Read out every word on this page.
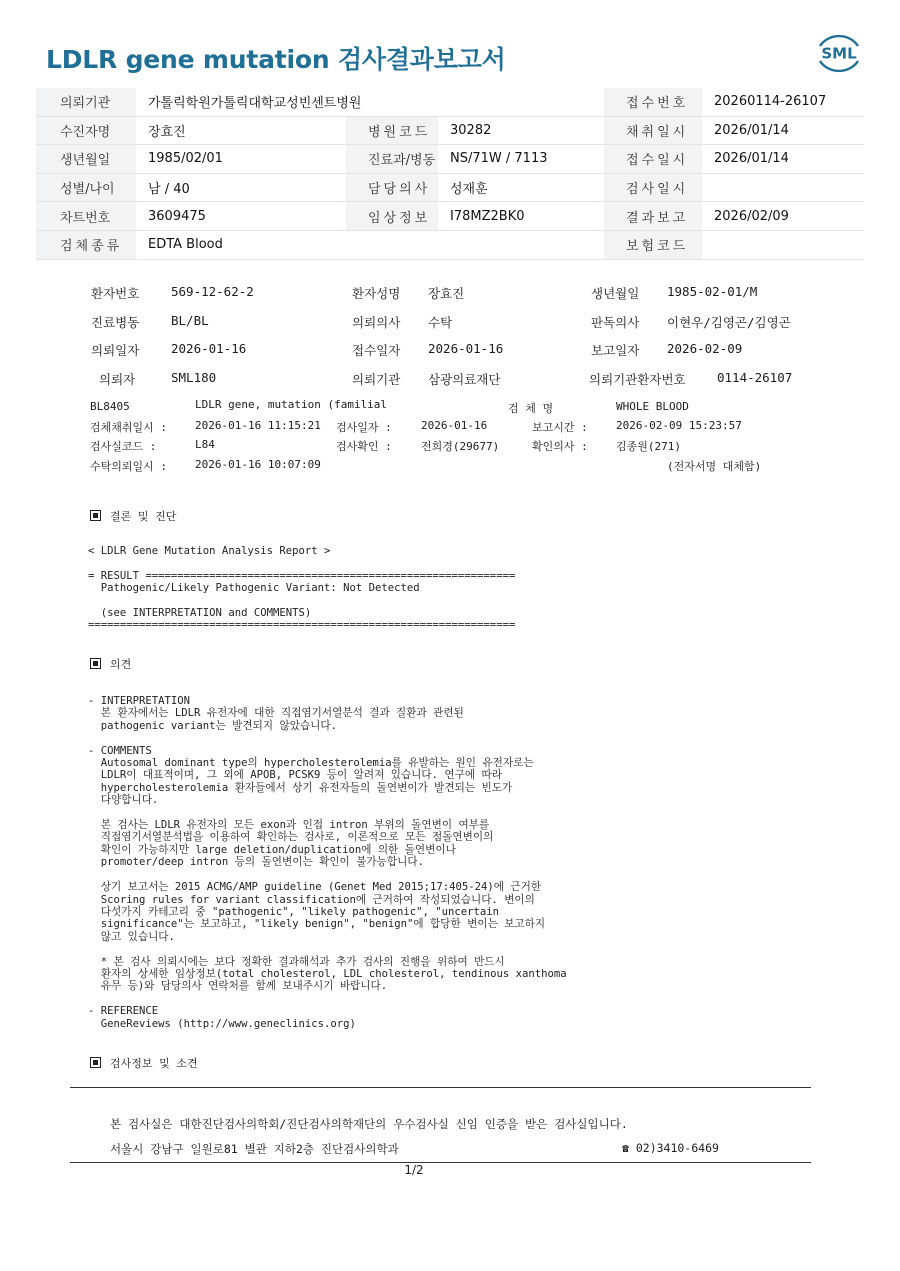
LDLR gene mutation 검사결과보고서	SML
의뢰기관	가톨릭학원가톨릭대학교성빈센트병원			접수번호	20260114-26107
수진자명	장효진	병원코드	30282	채취일시	2026/01/14
생년월일	1985/02/01	진료과/병동	NS/71W / 7113	접수일시	2026/01/14
성별/나이	남 / 40	담당의사	성재훈	검사일시	
차트번호	3609475	임상정보	I78MZ2BK0	결과보고	2026/02/09
검체종류	EDTA Blood			보험코드	
환자번호	569-12-62-2	환자성명 장효진	생년월일 1985-02-01/M
진료병동	BL/BL	의뢰의사 수탁	판독의사 이현우/김영곤/김영곤
의뢰일자	2026-01-16	접수일자 2026-01-16	보고일자 2026-02-09
의뢰자	SML180	의뢰기관 삼광의료재단	의뢰기관환자번호	0114-26107
BL8405	LDLR gene, mutation (familial	검 체 명	WHOLE BLOOD
검체채취일시 :	2026-01-16 11:15:21 검사일자 :	2026-01-16	보고시간 :	2026-02-09 15:23:57
검사실코드 :	L84	검사확인 :	전희경(29677)	확인의사 :	김종원(271)
수탁의뢰일시 :	2026-01-16 10:07:09	(전자서명 대체함)
결론 및 진단
< LDLR Gene Mutation Analysis Report >

= RESULT ==========================================================
Pathogenic/Likely Pathogenic Variant: Not Detected

(see INTERPRETATION and COMMENTS)
===================================================================
의견
- INTERPRETATION
본 환자에서는 LDLR 유전자에 대한 직접염기서열분석 결과 질환과 관련된
pathogenic variant는 발견되지 않았습니다.

- COMMENTS
Autosomal dominant type의 hypercholesterolemia를 유발하는 원인 유전자로는
LDLR이 대표적이며, 그 외에 APOB, PCSK9 등이 알려져 있습니다. 연구에 따라
hypercholesterolemia 환자들에서 상기 유전자들의 돌연변이가 발견되는 빈도가
다양합니다.

본 검사는 LDLR 유전자의 모든 exon과 인접 intron 부위의 돌연변이 여부를
직접염기서열분석법을 이용하여 확인하는 검사로, 이론적으로 모든 점돌연변이의
확인이 가능하지만 large deletion/duplication에 의한 돌연변이나
promoter/deep intron 등의 돌연변이는 확인이 불가능합니다.

상기 보고서는 2015 ACMG/AMP guideline (Genet Med 2015;17:405-24)에 근거한
Scoring rules for variant classification에 근거하여 작성되었습니다. 변이의
다섯가지 카테고리 중 "pathogenic", "likely pathogenic", "uncertain
significance"는 보고하고, "likely benign", "benign"에 합당한 변이는 보고하지
않고 있습니다.

* 본 검사 의뢰시에는 보다 정확한 결과해석과 추가 검사의 진행을 위하여 반드시
환자의 상세한 임상정보(total cholesterol, LDL cholesterol, tendinous xanthoma
유무 등)와 담당의사 연락처를 함께 보내주시기 바랍니다.

- REFERENCE
GeneReviews (http://www.geneclinics.org)
검사정보 및 소견
본 검사실은 대한진단검사의학회/진단검사의학재단의 우수검사실 신임 인증을 받은 검사실입니다.
서울시 강남구 일원로81 별관 지하2층 진단검사의학과	☎ 02)3410-6469
1/2
